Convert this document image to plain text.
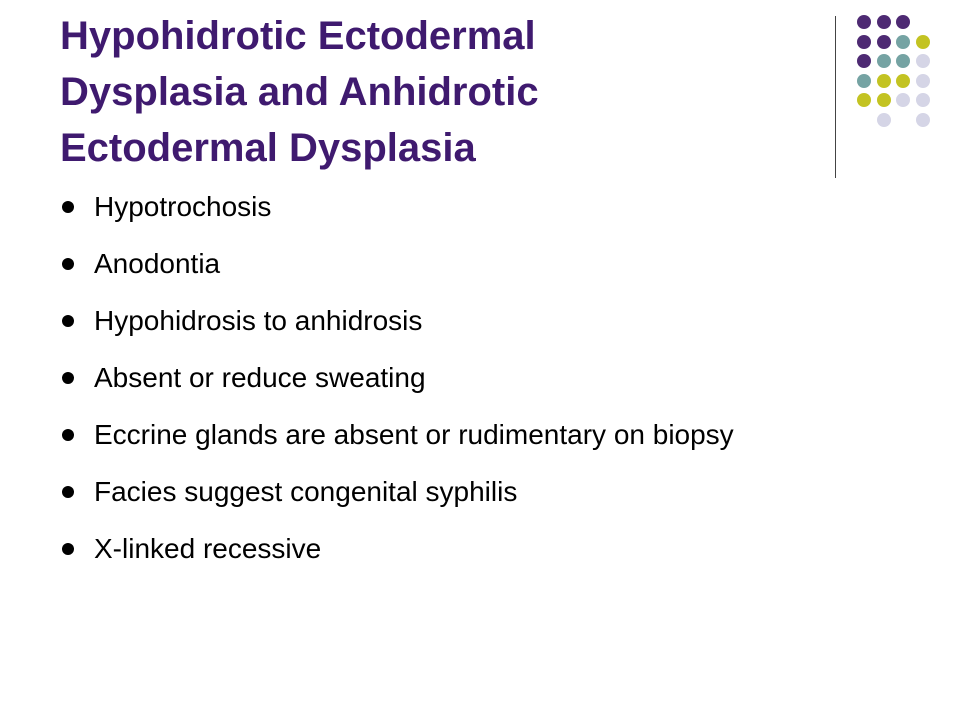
Hypohidrotic Ectodermal
Dysplasia and Anhidrotic
Ectodermal Dysplasia
Hypotrochosis
Anodontia
Hypohidrosis to anhidrosis
Absent or reduce sweating
Eccrine glands are absent or rudimentary on biopsy
Facies suggest congenital syphilis
X-linked recessive
